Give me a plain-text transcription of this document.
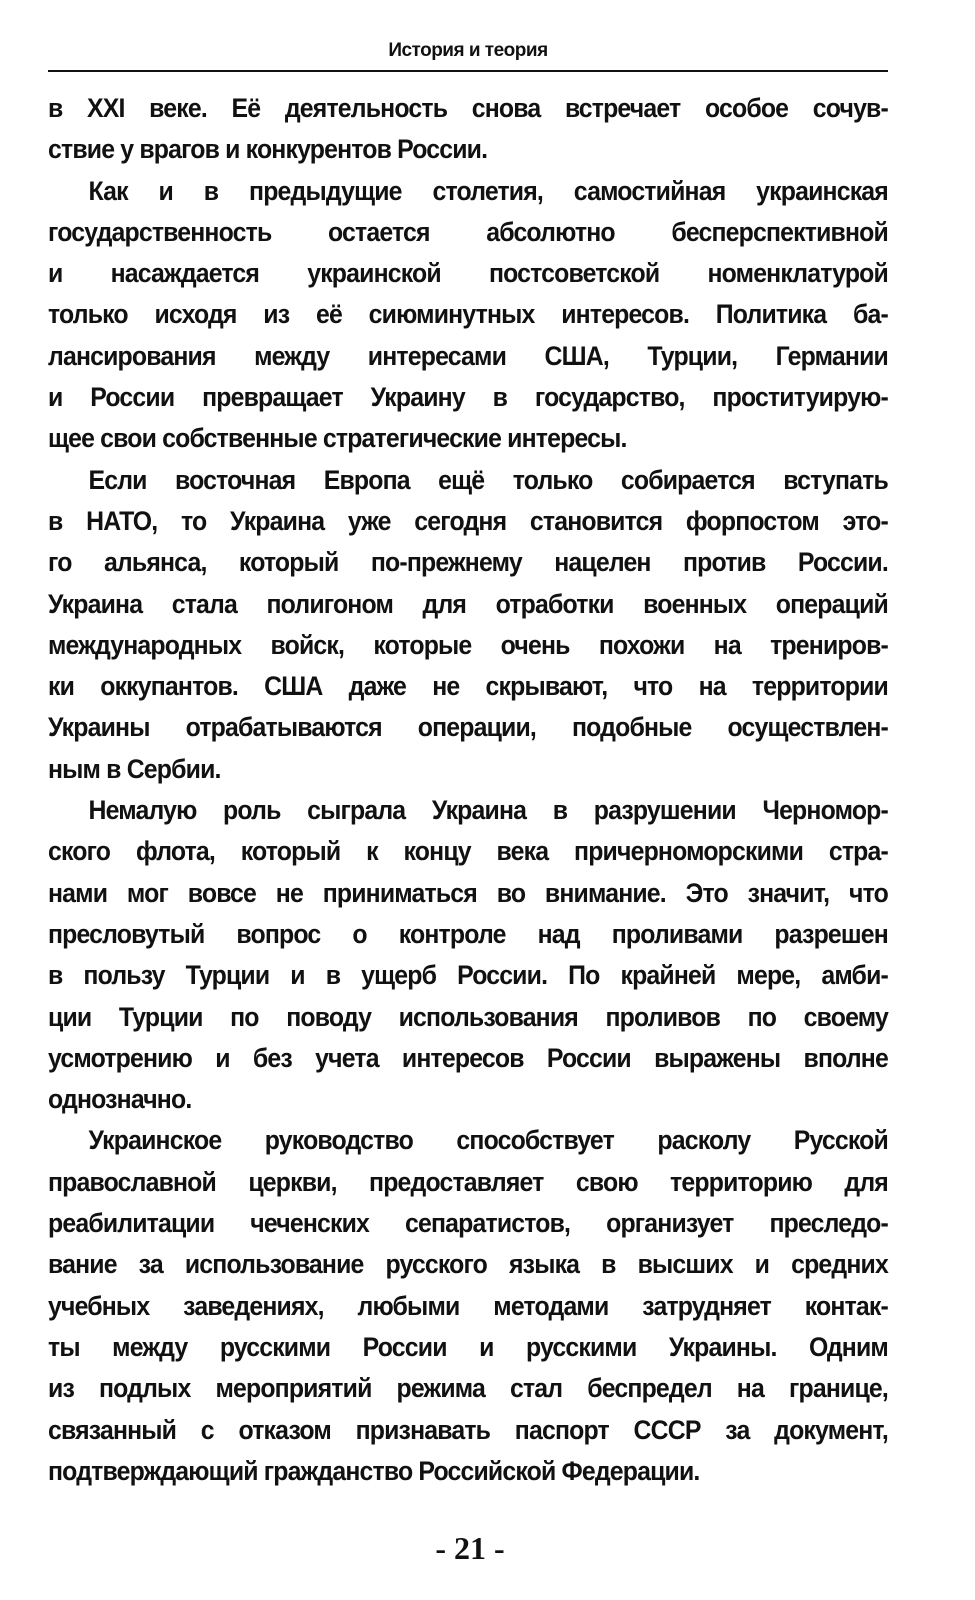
История и теория
в XXI веке. Её деятельность снова встречает особое сочув-
ствие у врагов и конкурентов России.
Как и в предыдущие столетия, самостийная украинская
государственность остается абсолютно бесперспективной
и насаждается украинской постсоветской номенклатурой
только исходя из её сиюминутных интересов. Политика ба-
лансирования между интересами США, Турции, Германии
и России превращает Украину в государство, проституирую-
щее свои собственные стратегические интересы.
Если восточная Европа ещё только собирается вступать
в НАТО, то Украина уже сегодня становится форпостом это-
го альянса, который по-прежнему нацелен против России.
Украина стала полигоном для отработки военных операций
международных войск, которые очень похожи на трениров-
ки оккупантов. США даже не скрывают, что на территории
Украины отрабатываются операции, подобные осуществлен-
ным в Сербии.
Немалую роль сыграла Украина в разрушении Черномор-
ского флота, который к концу века причерноморскими стра-
нами мог вовсе не приниматься во внимание. Это значит, что
пресловутый вопрос о контроле над проливами разрешен
в пользу Турции и в ущерб России. По крайней мере, амби-
ции Турции по поводу использования проливов по своему
усмотрению и без учета интересов России выражены вполне
однозначно.
Украинское руководство способствует расколу Русской
православной церкви, предоставляет свою территорию для
реабилитации чеченских сепаратистов, организует преследо-
вание за использование русского языка в высших и средних
учебных заведениях, любыми методами затрудняет контак-
ты между русскими России и русскими Украины. Одним
из подлых мероприятий режима стал беспредел на границе,
связанный с отказом признавать паспорт СССР за документ,
подтверждающий гражданство Российской Федерации.
- 21 -
